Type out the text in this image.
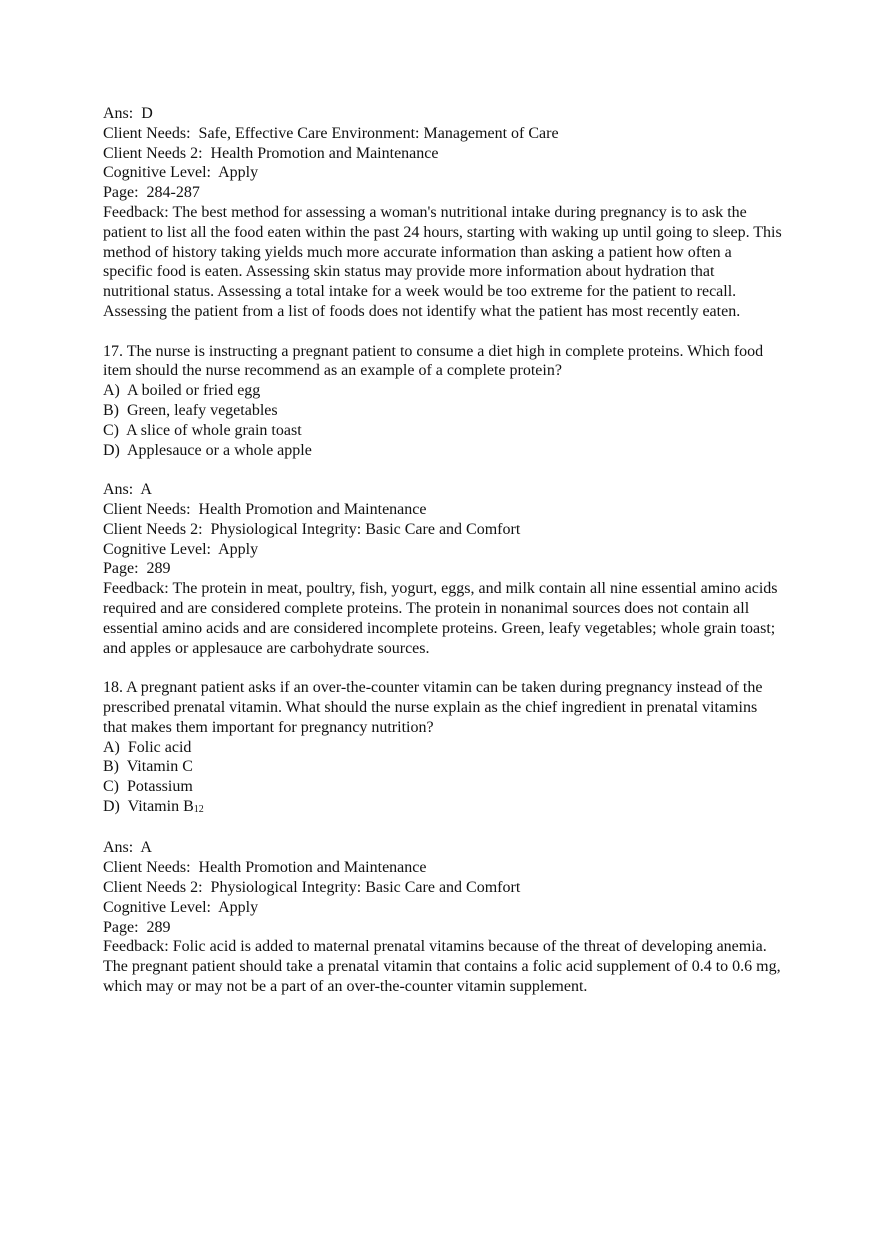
Ans:  D
Client Needs:  Safe, Effective Care Environment: Management of Care
Client Needs 2:  Health Promotion and Maintenance
Cognitive Level:  Apply
Page:  284-287

Feedback: The best method for assessing a woman's nutritional intake during pregnancy is to ask the patient to list all the food eaten within the past 24 hours, starting with waking up until going to sleep. This method of history taking yields much more accurate information than asking a patient how often a specific food is eaten. Assessing skin status may provide more information about hydration that nutritional status. Assessing a total intake for a week would be too extreme for the patient to recall. Assessing the patient from a list of foods does not identify what the patient has most recently eaten.

17. The nurse is instructing a pregnant patient to consume a diet high in complete proteins. Which food item should the nurse recommend as an example of a complete protein?

A)  A boiled or fried egg
B)  Green, leafy vegetables
C)  A slice of whole grain toast
D)  Applesauce or a whole apple
Ans:  A
Client Needs:  Health Promotion and Maintenance
Client Needs 2:  Physiological Integrity: Basic Care and Comfort
Cognitive Level:  Apply
Page:  289

Feedback: The protein in meat, poultry, fish, yogurt, eggs, and milk contain all nine essential amino acids required and are considered complete proteins. The protein in nonanimal sources does not contain all essential amino acids and are considered incomplete proteins. Green, leafy vegetables; whole grain toast; and apples or applesauce are carbohydrate sources.

18. A pregnant patient asks if an over-the-counter vitamin can be taken during pregnancy instead of the prescribed prenatal vitamin. What should the nurse explain as the chief ingredient in prenatal vitamins that makes them important for pregnancy nutrition?

A)  Folic acid
B)  Vitamin C
C)  Potassium
D)  Vitamin $B_{12}$
Ans:  A
Client Needs:  Health Promotion and Maintenance
Client Needs 2:  Physiological Integrity: Basic Care and Comfort
Cognitive Level:  Apply
Page:  289

Feedback: Folic acid is added to maternal prenatal vitamins because of the threat of developing anemia. The pregnant patient should take a prenatal vitamin that contains a folic acid supplement of 0.4 to 0.6 mg, which may or may not be a part of an over-the-counter vitamin supplement.
